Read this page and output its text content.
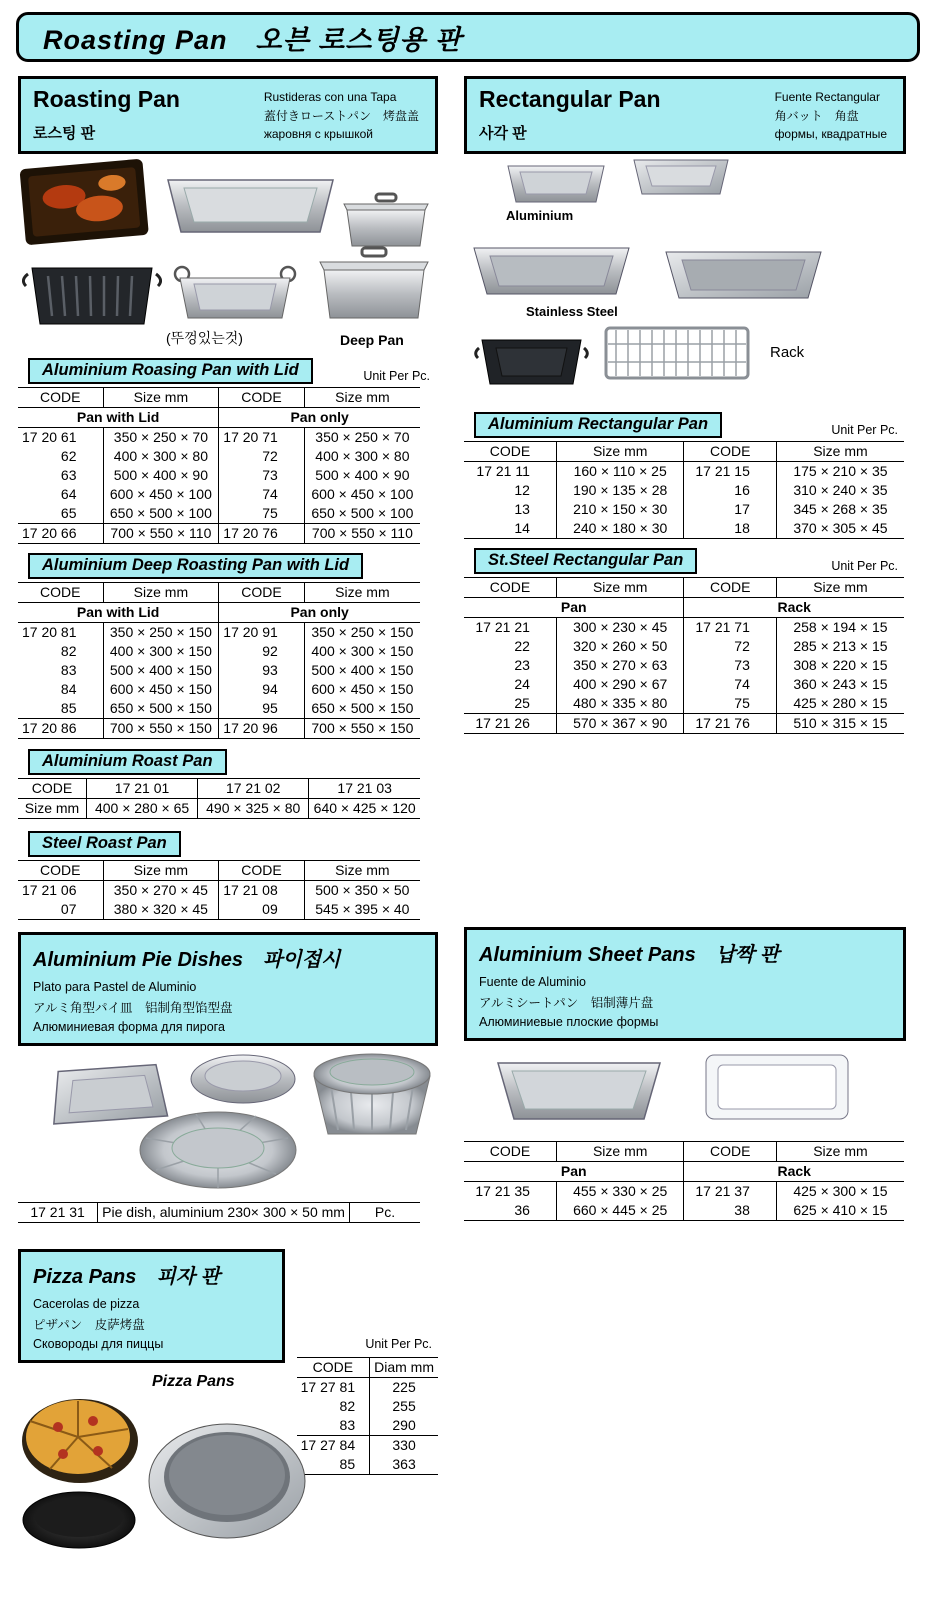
Roasting Pan　오븐 로스팅용 판
Roasting Pan
로스팅 판
Rustideras con una Tapa
蓋付きローストパン　烤盘盖
жаровня с крышкой
(뚜껑있는것)	Deep Pan
Aluminium Roasing Pan with Lid	Unit Per Pc.
CODE	Size mm	CODE	Size mm
Pan with Lid		Pan only	
17 20 61	350 × 250 × 70	17 20 71	350 × 250 × 70
62	400 × 300 × 80	72	400 × 300 × 80
63	500 × 400 × 90	73	500 × 400 × 90
64	600 × 450 × 100	74	600 × 450 × 100
65	650 × 500 × 100	75	650 × 500 × 100
17 20 66	700 × 550 × 110	17 20 76	700 × 550 × 110
Aluminium Deep Roasting Pan with Lid
CODE	Size mm	CODE	Size mm
Pan with Lid		Pan only	
17 20 81	350 × 250 × 150	17 20 91	350 × 250 × 150
82	400 × 300 × 150	92	400 × 300 × 150
83	500 × 400 × 150	93	500 × 400 × 150
84	600 × 450 × 150	94	600 × 450 × 150
85	650 × 500 × 150	95	650 × 500 × 150
17 20 86	700 × 550 × 150	17 20 96	700 × 550 × 150
Aluminium Roast Pan
CODE	17 21 01	17 21 02	17 21 03
Size mm	400 × 280 × 65	490 × 325 × 80	640 × 425 × 120
Steel Roast Pan
CODE	Size mm	CODE	Size mm
17 21 06	350 × 270 × 45	17 21 08	500 × 350 × 50
07	380 × 320 × 45	09	545 × 395 × 40
Aluminium Pie Dishes　파이접시
Plato para Pastel de Aluminio
アルミ角型パイ皿　铝制角型馅型盘
Алюминиевая форма для пирога
17 21 31	Pie dish, aluminium 230× 300 × 50 mm	Pc.
Pizza Pans　피자 판
Cacerolas de pizza
ピザパン　皮萨烤盘
Сковороды для пиццы
Pizza Pans
Unit Per Pc.
CODE	Diam mm
17 27 81	225
82	255
83	290
17 27 84	330
85	363
Rectangular Pan
사각 판
Fuente Rectangular
角バット　角盘
формы, квадратные
Aluminium
Stainless Steel
Rack
Aluminium Rectangular Pan	Unit Per Pc.
CODE	Size mm	CODE	Size mm
17 21 11	160 × 110 × 25	17 21 15	175 × 210 × 35
12	190 × 135 × 28	16	310 × 240 × 35
13	210 × 150 × 30	17	345 × 268 × 35
14	240 × 180 × 30	18	370 × 305 × 45
St.Steel Rectangular Pan	Unit Per Pc.
CODE	Size mm	CODE	Size mm
Pan		Rack	
17 21 21	300 × 230 × 45	17 21 71	258 × 194 × 15
22	320 × 260 × 50	72	285 × 213 × 15
23	350 × 270 × 63	73	308 × 220 × 15
24	400 × 290 × 67	74	360 × 243 × 15
25	480 × 335 × 80	75	425 × 280 × 15
17 21 26	570 × 367 × 90	17 21 76	510 × 315 × 15
Aluminium Sheet Pans　납짝 판
Fuente de Aluminio
アルミシートパン　铝制薄片盘
Алюминиевые плоские формы
CODE	Size mm	CODE	Size mm
Pan		Rack	
17 21 35	455 × 330 × 25	17 21 37	425 × 300 × 15
36	660 × 445 × 25	38	625 × 410 × 15
